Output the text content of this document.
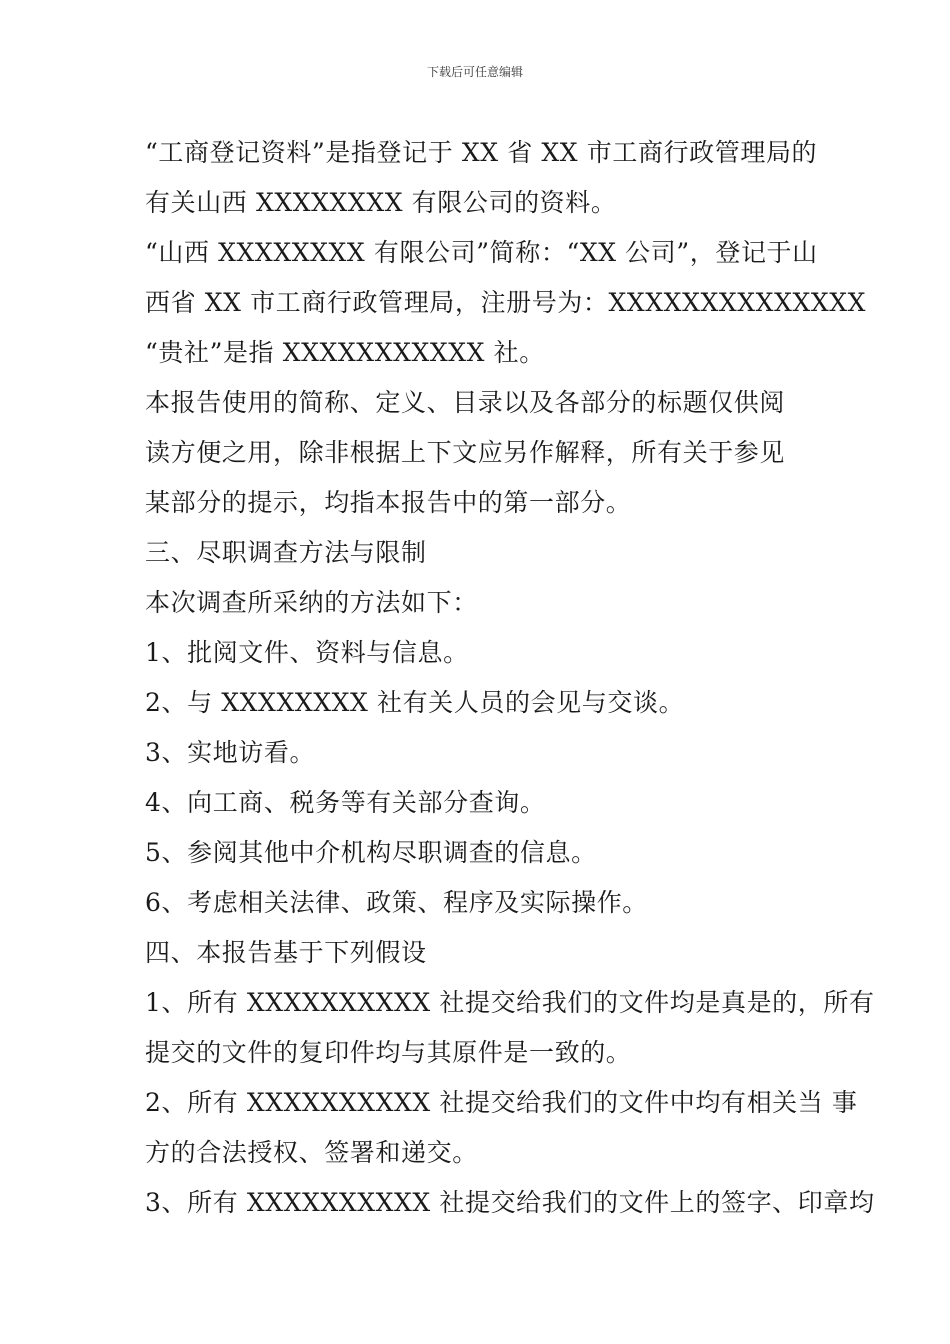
下载后可任意编辑
“工商登记资料”是指登记于 XX 省 XX 市工商行政管理局的
有关山西 XXXXXXXX 有限公司的资料。
“山西 XXXXXXXX 有限公司”简称：“XX 公司”，登记于山
西省 XX 市工商行政管理局，注册号为：XXXXXXXXXXXXXX
“贵社”是指 XXXXXXXXXXX 社。
本报告使用的简称、定义、目录以及各部分的标题仅供阅
读方便之用，除非根据上下文应另作解释，所有关于参见
某部分的提示，均指本报告中的第一部分。
三、尽职调查方法与限制
本次调查所采纳的方法如下：
1、批阅文件、资料与信息。
2、与 XXXXXXXX 社有关人员的会见与交谈。
3、实地访看。
4、向工商、税务等有关部分查询。
5、参阅其他中介机构尽职调查的信息。
6、考虑相关法律、政策、程序及实际操作。
四、本报告基于下列假设
1、所有 XXXXXXXXXX 社提交给我们的文件均是真是的，所有
提交的文件的复印件均与其原件是一致的。
2、所有 XXXXXXXXXX 社提交给我们的文件中均有相关当 事
方的合法授权、签署和递交。
3、所有 XXXXXXXXXX 社提交给我们的文件上的签字、印章均
